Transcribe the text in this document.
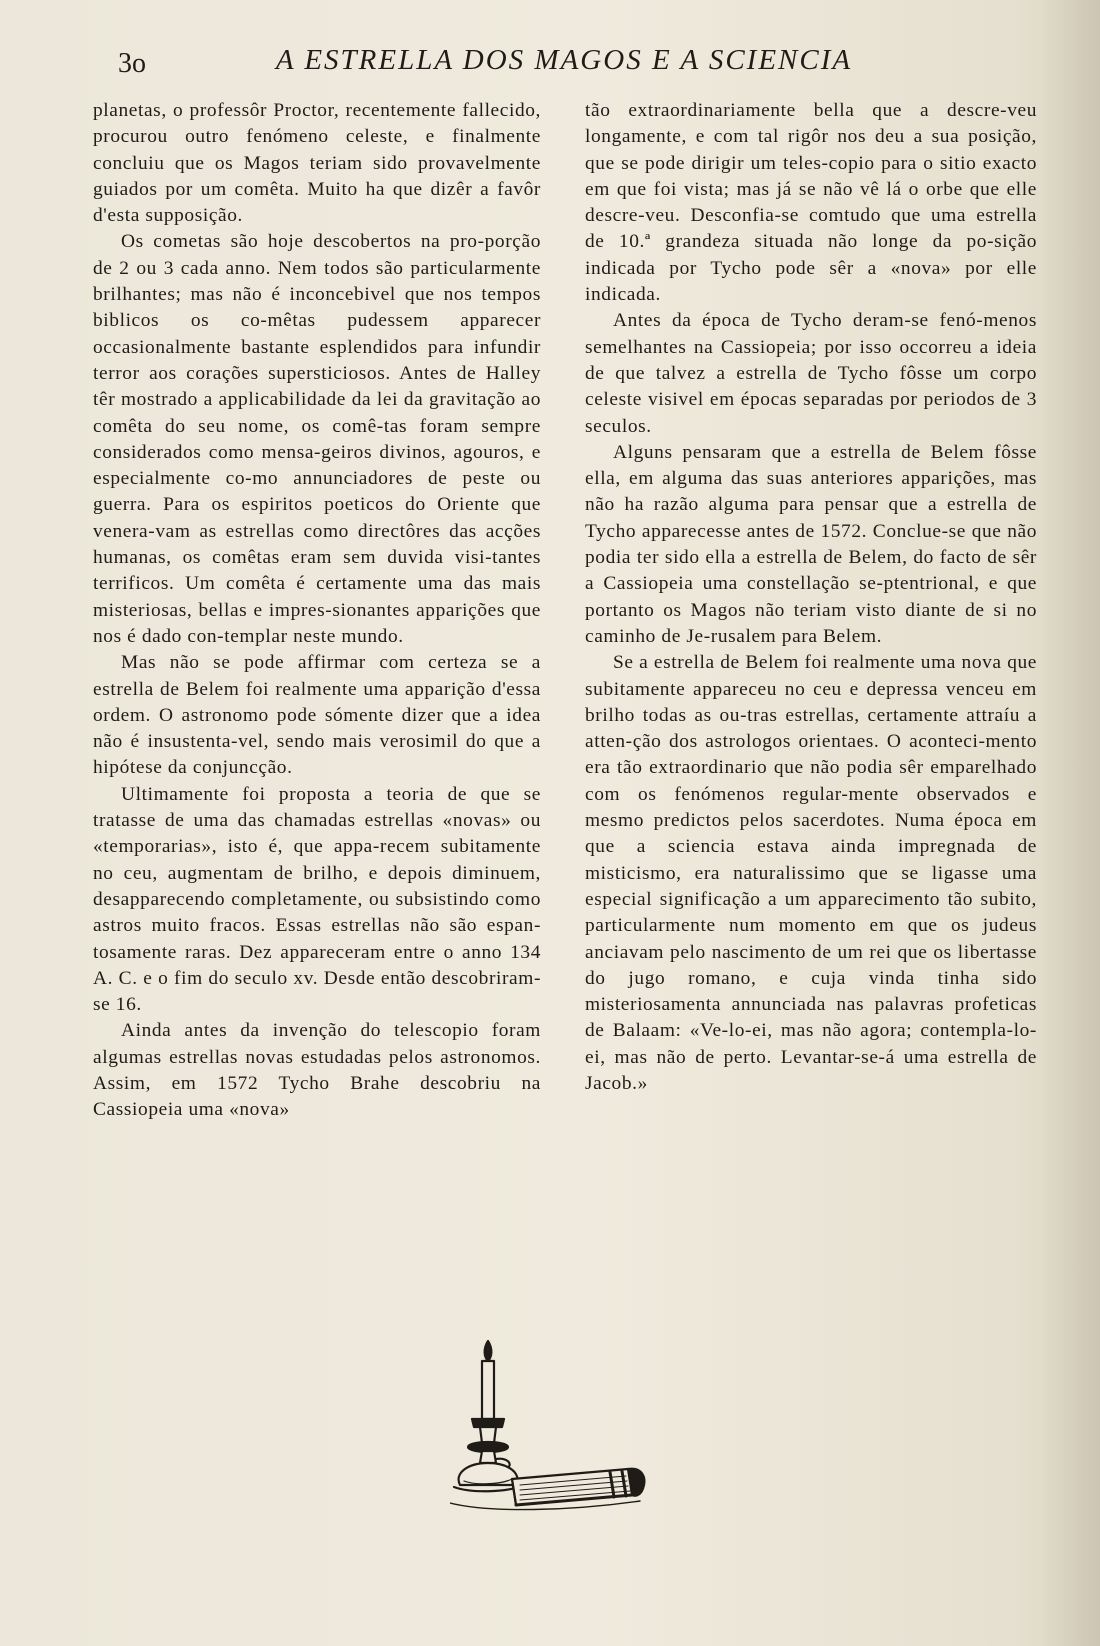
3o	A ESTRELLA DOS MAGOS E A SCIENCIA

planetas, o professôr Proctor, recentemente fallecido, procurou outro fenómeno celeste, e finalmente concluiu que os Magos teriam sido provavelmente guiados por um comêta. Muito ha que dizêr a favôr d'esta supposição.

Os cometas são hoje descobertos na pro-porção de 2 ou 3 cada anno. Nem todos são particularmente brilhantes; mas não é inconcebivel que nos tempos biblicos os co-mêtas pudessem apparecer occasionalmente bastante esplendidos para infundir terror aos corações supersticiosos. Antes de Halley têr mostrado a applicabilidade da lei da gravitação ao comêta do seu nome, os comê-tas foram sempre considerados como mensa-geiros divinos, agouros, e especialmente co-mo annunciadores de peste ou guerra. Para os espiritos poeticos do Oriente que venera-vam as estrellas como directôres das acções humanas, os comêtas eram sem duvida visi-tantes terrificos. Um comêta é certamente uma das mais misteriosas, bellas e impres-sionantes apparições que nos é dado con-templar neste mundo.

Mas não se pode affirmar com certeza se a estrella de Belem foi realmente uma apparição d'essa ordem. O astronomo pode sómente dizer que a idea não é insustenta-vel, sendo mais verosimil do que a hipótese da conjuncção.

Ultimamente foi proposta a teoria de que se tratasse de uma das chamadas estrellas «novas» ou «temporarias», isto é, que appa-recem subitamente no ceu, augmentam de brilho, e depois diminuem, desapparecendo completamente, ou subsistindo como astros muito fracos. Essas estrellas não são espan-tosamente raras. Dez appareceram entre o anno 134 A. C. e o fim do seculo xv. Desde então descobriram-se 16.

Ainda antes da invenção do telescopio foram algumas estrellas novas estudadas pelos astronomos. Assim, em 1572 Tycho Brahe descobriu na Cassiopeia uma «nova»

tão extraordinariamente bella que a descre-veu longamente, e com tal rigôr nos deu a sua posição, que se pode dirigir um teles-copio para o sitio exacto em que foi vista; mas já se não vê lá o orbe que elle descre-veu. Desconfia-se comtudo que uma estrella de 10.ª grandeza situada não longe da po-sição indicada por Tycho pode sêr a «nova» por elle indicada.

Antes da época de Tycho deram-se fenó-menos semelhantes na Cassiopeia; por isso occorreu a ideia de que talvez a estrella de Tycho fôsse um corpo celeste visivel em épocas separadas por periodos de 3 seculos.

Alguns pensaram que a estrella de Belem fôsse ella, em alguma das suas anteriores apparições, mas não ha razão alguma para pensar que a estrella de Tycho apparecesse antes de 1572. Conclue-se que não podia ter sido ella a estrella de Belem, do facto de sêr a Cassiopeia uma constellação se-ptentrional, e que portanto os Magos não teriam visto diante de si no caminho de Je-rusalem para Belem.

Se a estrella de Belem foi realmente uma nova que subitamente appareceu no ceu e depressa venceu em brilho todas as ou-tras estrellas, certamente attraíu a atten-ção dos astrologos orientaes. O aconteci-mento era tão extraordinario que não podia sêr emparelhado com os fenómenos regular-mente observados e mesmo predictos pelos sacerdotes. Numa época em que a sciencia estava ainda impregnada de misticismo, era naturalissimo que se ligasse uma especial significação a um apparecimento tão subito, particularmente num momento em que os judeus anciavam pelo nascimento de um rei que os libertasse do jugo romano, e cuja vinda tinha sido misteriosamenta annunciada nas palavras profeticas de Balaam: «Ve-lo-ei, mas não agora; contempla-lo-ei, mas não de perto. Levantar-se-á uma estrella de Jacob.»
